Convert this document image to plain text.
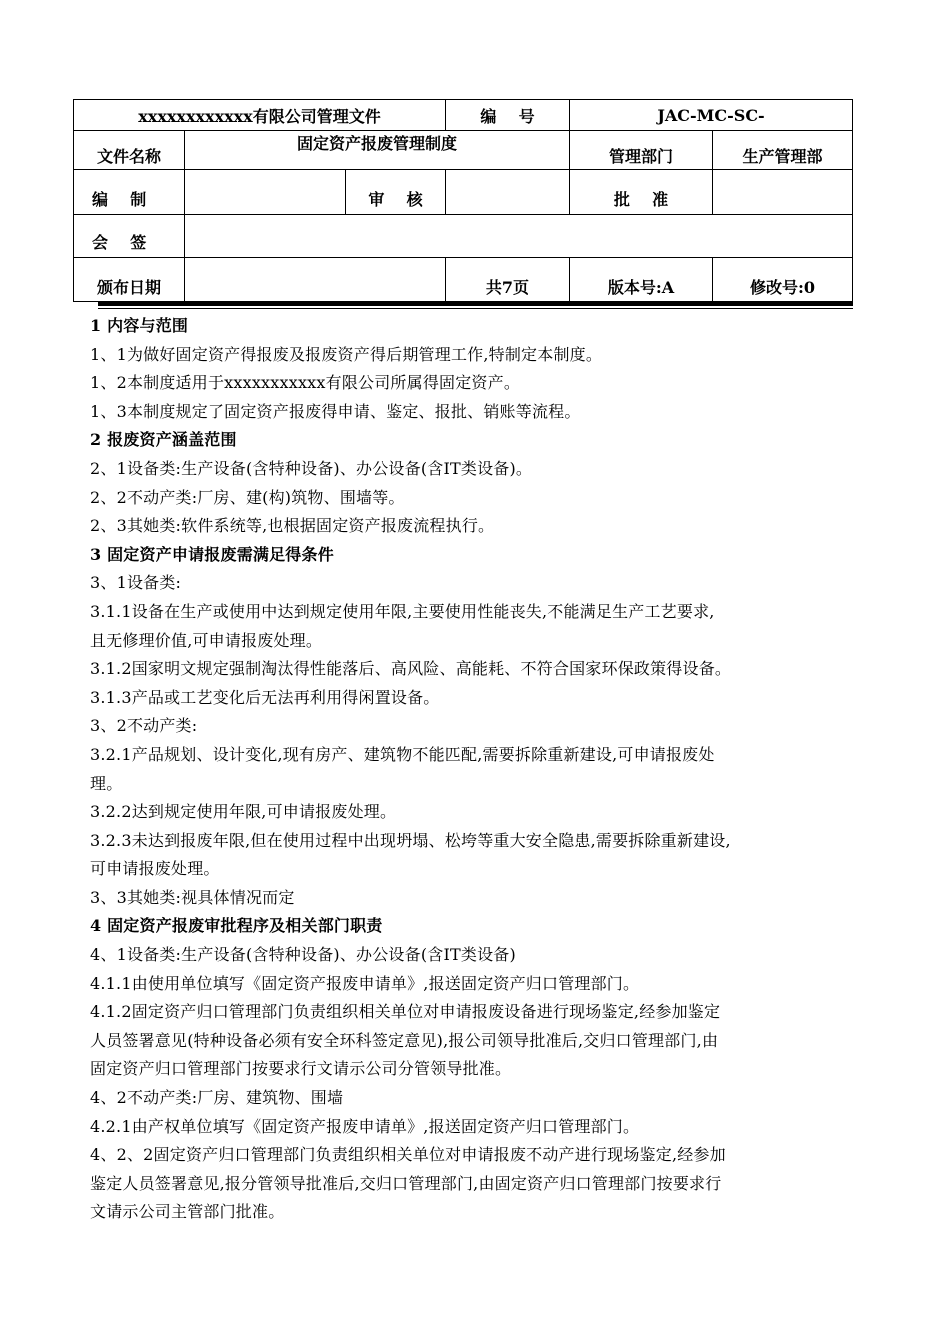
xxxxxxxxxxxx有限公司管理文件			编    号	JAC-MC-SC-	
文件名称	固定资产报废管理制度			管理部门	生产管理部
编    制		审    核		批    准	
会    签					
颁布日期			共7页	版本号:A	修改号:0
1 内容与范围
1、1为做好固定资产得报废及报废资产得后期管理工作,特制定本制度。
1、2本制度适用于xxxxxxxxxxx有限公司所属得固定资产。
1、3本制度规定了固定资产报废得申请、鉴定、报批、销账等流程。
2 报废资产涵盖范围
2、1设备类:生产设备(含特种设备)、办公设备(含IT类设备)。
2、2不动产类:厂房、建(构)筑物、围墙等。
2、3其她类:软件系统等,也根据固定资产报废流程执行。
3 固定资产申请报废需满足得条件
3、1设备类:
3.1.1设备在生产或使用中达到规定使用年限,主要使用性能丧失,不能满足生产工艺要求,
且无修理价值,可申请报废处理。
3.1.2国家明文规定强制淘汰得性能落后、高风险、高能耗、不符合国家环保政策得设备。
3.1.3产品或工艺变化后无法再利用得闲置设备。
3、2不动产类:
3.2.1产品规划、设计变化,现有房产、建筑物不能匹配,需要拆除重新建设,可申请报废处
理。
3.2.2达到规定使用年限,可申请报废处理。
3.2.3未达到报废年限,但在使用过程中出现坍塌、松垮等重大安全隐患,需要拆除重新建设,
可申请报废处理。
3、3其她类:视具体情况而定
4 固定资产报废审批程序及相关部门职责
4、1设备类:生产设备(含特种设备)、办公设备(含IT类设备)
4.1.1由使用单位填写《固定资产报废申请单》,报送固定资产归口管理部门。
4.1.2固定资产归口管理部门负责组织相关单位对申请报废设备进行现场鉴定,经参加鉴定
人员签署意见(特种设备必须有安全环科签定意见),报公司领导批准后,交归口管理部门,由
固定资产归口管理部门按要求行文请示公司分管领导批准。
4、2不动产类:厂房、建筑物、围墙
4.2.1由产权单位填写《固定资产报废申请单》,报送固定资产归口管理部门。
4、2、2固定资产归口管理部门负责组织相关单位对申请报废不动产进行现场鉴定,经参加
鉴定人员签署意见,报分管领导批准后,交归口管理部门,由固定资产归口管理部门按要求行
文请示公司主管部门批准。
